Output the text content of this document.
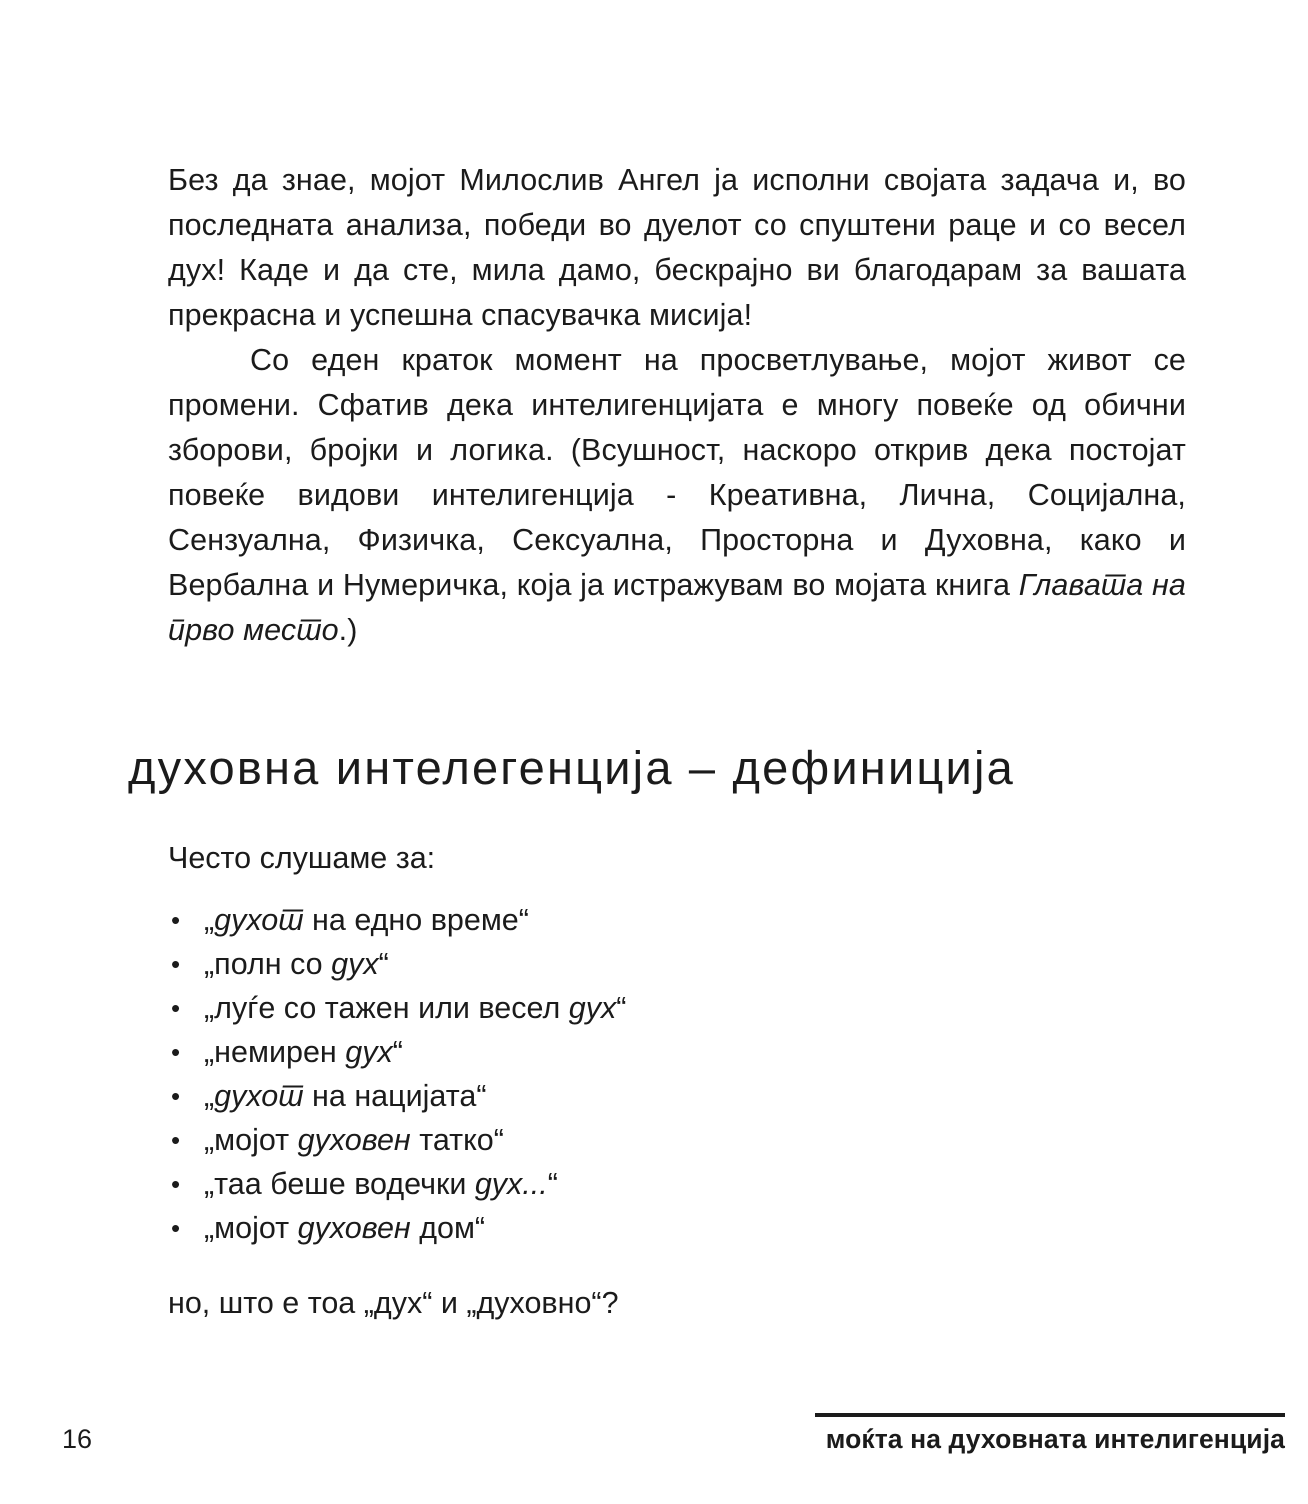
Без да знае, мојот Милослив Ангел ја исполни својата задача и, во последната анализа, победи во дуелот со спуштени раце и со весел дух! Каде и да сте, мила дамо, бескрајно ви благодарам за вашата прекрасна и успешна спасувачка мисија!

Со еден краток момент на просветлување, мојот живот се промени. Сфатив дека интелигенцијата е многу повеќе од обични зборови, бројки и логика. (Всушност, наскоро открив дека постојат повеќе видови интелигенција - Креативна, Лична, Социјална, Сензуална, Физичка, Сексуална, Просторна и Духовна, како и Вербална и Нумеричка, која ја истражувам во мојата книга Главата на прво место.)

духовна интелегенција – дефиниција

Често слушаме за:

• „духот на едно време“
• „полн со дух“
• „луѓе со тажен или весел дух“
• „немирен дух“
• „духот на нацијата“
• „мојот духовен татко“
• „таа беше водечки дух...“
• „мојот духовен дом“

но, што е тоа „дух“ и „духовно“?

16	моќта на духовната интелигенција
